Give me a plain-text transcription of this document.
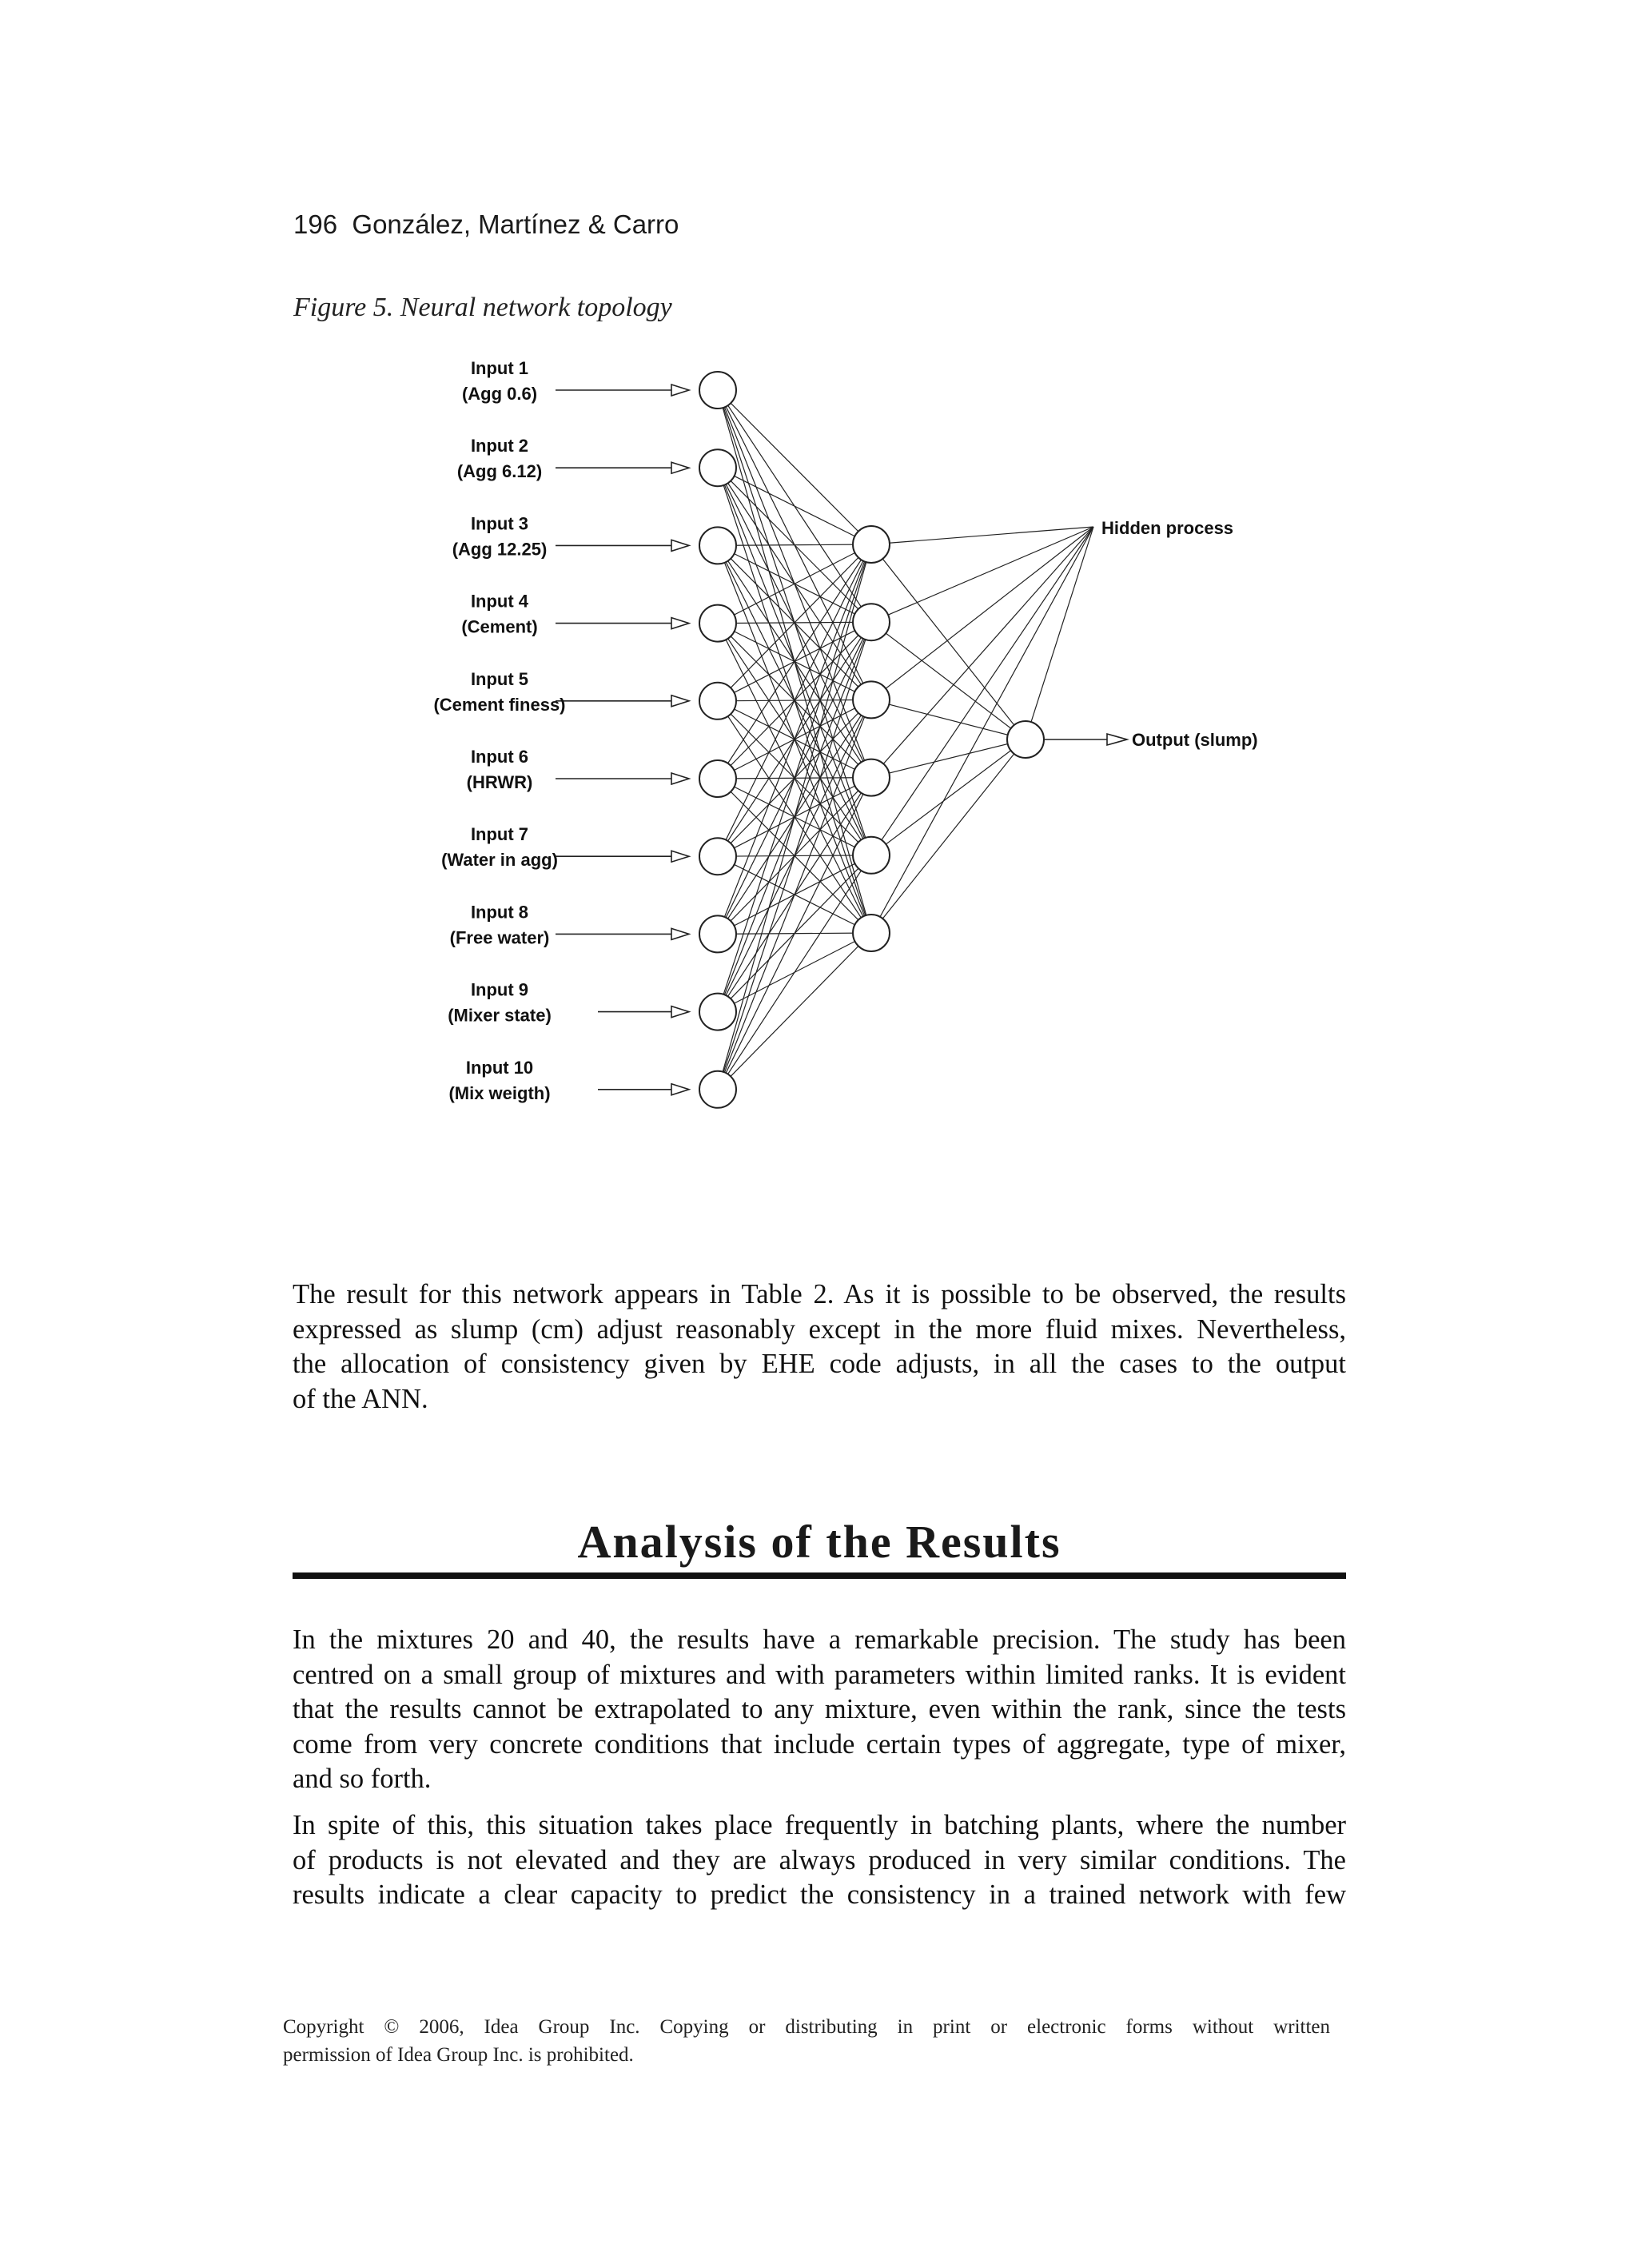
196 González, Martínez & Carro
Figure 5. Neural network topology
Input 1
(Agg 0.6)
Input 2
(Agg 6.12)
Input 3
(Agg 12.25)
Input 4
(Cement)
Input 5
(Cement finess)
Input 6
(HRWR)
Input 7
(Water in agg)
Input 8
(Free water)
Input 9
(Mixer state)
Input 10
(Mix weigth)
Hidden process
Output (slump)
The result for this network appears in Table 2. As it is possible to be observed, the results
expressed as slump (cm) adjust reasonably except in the more fluid mixes. Nevertheless,
the allocation of consistency given by EHE code adjusts, in all the cases to the output
of the ANN.
Analysis of the Results
In the mixtures 20 and 40, the results have a remarkable precision. The study has been
centred on a small group of mixtures and with parameters within limited ranks. It is evident
that the results cannot be extrapolated to any mixture, even within the rank, since the tests
come from very concrete conditions that include certain types of aggregate, type of mixer,
and so forth.
In spite of this, this situation takes place frequently in batching plants, where the number
of products is not elevated and they are always produced in very similar conditions. The
results indicate a clear capacity to predict the consistency in a trained network with few
Copyright © 2006, Idea Group Inc. Copying or distributing in print or electronic forms without written
permission of Idea Group Inc. is prohibited.
